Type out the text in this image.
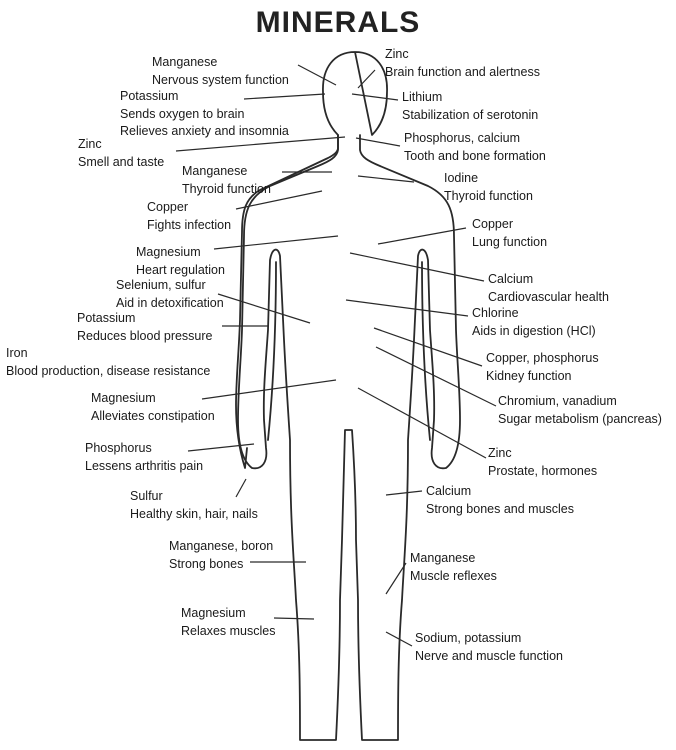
MINERALS
Manganese
Nervous system function
Zinc
Brain function and alertness
Potassium
Sends oxygen to brain
Relieves anxiety and insomnia
Lithium
Stabilization of serotonin
Zinc
Smell and taste
Phosphorus, calcium
Tooth and bone formation
Manganese
Thyroid function
Iodine
Thyroid function
Copper
Fights infection	Copper
Lung function
Magnesium
Heart regulation
Calcium
Cardiovascular health
Selenium, sulfur
Aid in detoxification
Chlorine
Aids in digestion (HCl)
Potassium
Reduces blood pressure
Copper, phosphorus
Kidney function
Iron
Blood production, disease resistance
Chromium, vanadium
Sugar metabolism (pancreas)
Magnesium
Alleviates constipation
Zinc
Prostate, hormones
Phosphorus
Lessens arthritis pain
Sulfur
Healthy skin, hair, nails
Calcium
Strong bones and muscles
Manganese, boron
Strong bones	Manganese
Muscle reflexes
Magnesium
Relaxes muscles
Sodium, potassium
Nerve and muscle function
